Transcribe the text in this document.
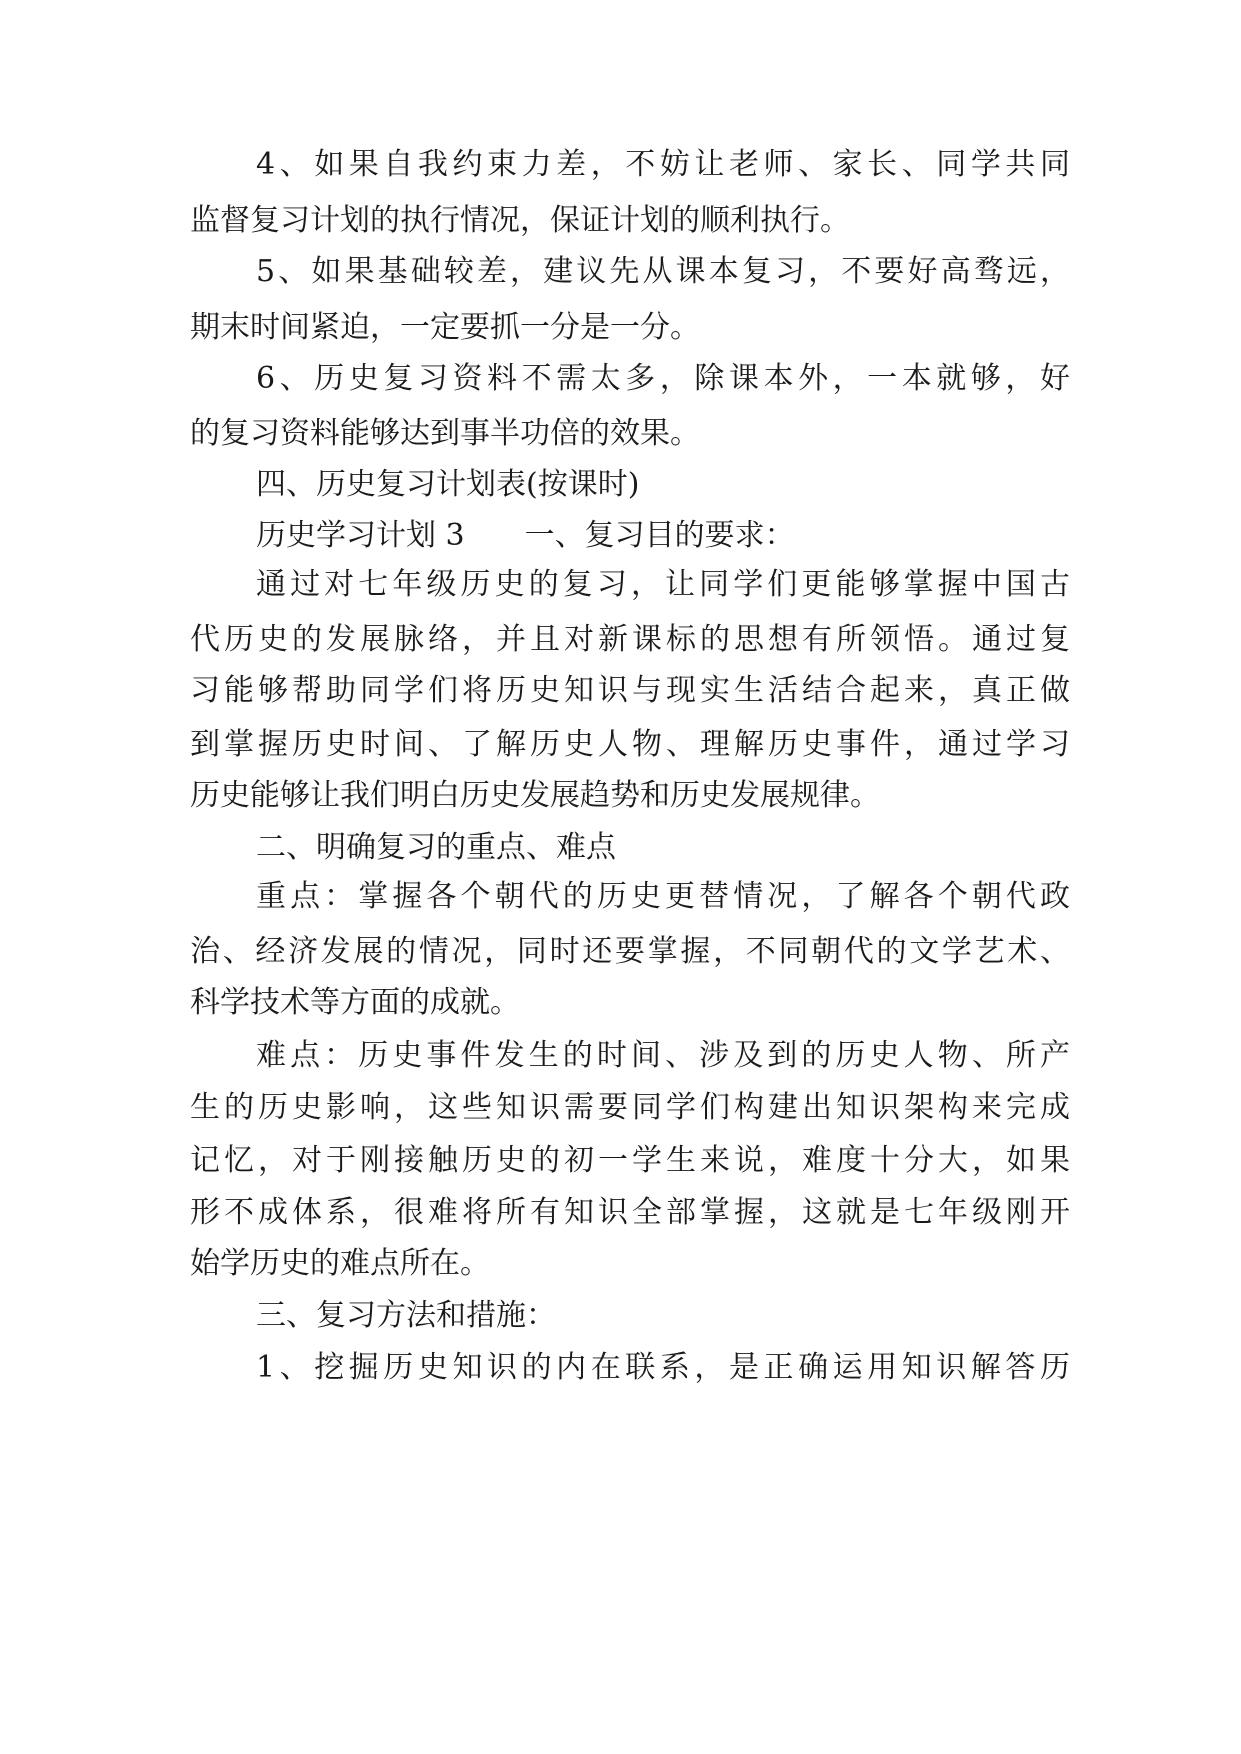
4、如果自我约束力差，不妨让老师、家长、同学共同
监督复习计划的执行情况，保证计划的顺利执行。
5、如果基础较差，建议先从课本复习，不要好高骛远，
期末时间紧迫，一定要抓一分是一分。
6、历史复习资料不需太多，除课本外，一本就够，好
的复习资料能够达到事半功倍的效果。
四、历史复习计划表(按课时)
历史学习计划 3　　一、复习目的要求：
通过对七年级历史的复习，让同学们更能够掌握中国古
代历史的发展脉络，并且对新课标的思想有所领悟。通过复
习能够帮助同学们将历史知识与现实生活结合起来，真正做
到掌握历史时间、了解历史人物、理解历史事件，通过学习
历史能够让我们明白历史发展趋势和历史发展规律。
二、明确复习的重点、难点
重点：掌握各个朝代的历史更替情况，了解各个朝代政
治、经济发展的情况，同时还要掌握，不同朝代的文学艺术、
科学技术等方面的成就。
难点：历史事件发生的时间、涉及到的历史人物、所产
生的历史影响，这些知识需要同学们构建出知识架构来完成
记忆，对于刚接触历史的初一学生来说，难度十分大，如果
形不成体系，很难将所有知识全部掌握，这就是七年级刚开
始学历史的难点所在。
三、复习方法和措施：
1、挖掘历史知识的内在联系，是正确运用知识解答历
